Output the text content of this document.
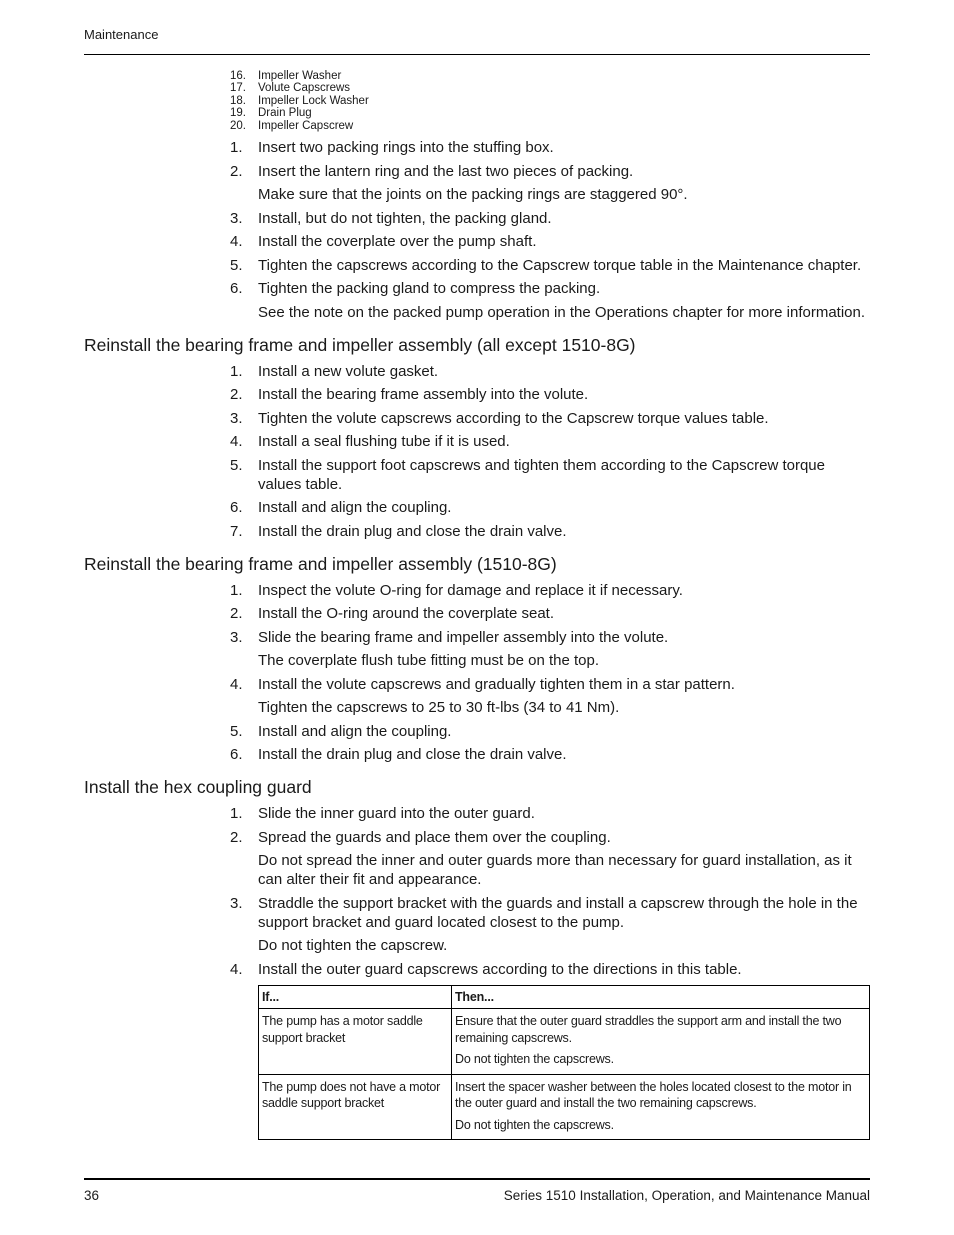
Maintenance
16.	Impeller Washer
17.	Volute Capscrews
18.	Impeller Lock Washer
19.	Drain Plug
20.	Impeller Capscrew
1.	Insert two packing rings into the stuffing box.
2.	Insert the lantern ring and the last two pieces of packing.
Make sure that the joints on the packing rings are staggered 90°.
3.	Install, but do not tighten, the packing gland.
4.	Install the coverplate over the pump shaft.
5.	Tighten the capscrews according to the Capscrew torque table in the Maintenance chapter.
6.	Tighten the packing gland to compress the packing.
See the note on the packed pump operation in the Operations chapter for more information.
Reinstall the bearing frame and impeller assembly (all except 1510-8G)
1.	Install a new volute gasket.
2.	Install the bearing frame assembly into the volute.
3.	Tighten the volute capscrews according to the Capscrew torque values table.
4.	Install a seal flushing tube if it is used.
5.	Install the support foot capscrews and tighten them according to the Capscrew torque values table.
6.	Install and align the coupling.
7.	Install the drain plug and close the drain valve.
Reinstall the bearing frame and impeller assembly (1510-8G)
1.	Inspect the volute O-ring for damage and replace it if necessary.
2.	Install the O-ring around the coverplate seat.
3.	Slide the bearing frame and impeller assembly into the volute.
The coverplate flush tube fitting must be on the top.
4.	Install the volute capscrews and gradually tighten them in a star pattern.
Tighten the capscrews to 25 to 30 ft-lbs (34 to 41 Nm).
5.	Install and align the coupling.
6.	Install the drain plug and close the drain valve.
Install the hex coupling guard
1.	Slide the inner guard into the outer guard.
2.	Spread the guards and place them over the coupling.
Do not spread the inner and outer guards more than necessary for guard installation, as it can alter their fit and appearance.
3.	Straddle the support bracket with the guards and install a capscrew through the hole in the support bracket and guard located closest to the pump.
Do not tighten the capscrew.
4.	Install the outer guard capscrews according to the directions in this table.
If...	Then...
The pump has a motor saddle support bracket	Ensure that the outer guard straddles the support arm and install the two remaining capscrews.
Do not tighten the capscrews.

The pump does not have a motor saddle support bracket	Insert the spacer washer between the holes located closest to the motor in the outer guard and install the two remaining capscrews.
Do not tighten the capscrews.
36	Series 1510 Installation, Operation, and Maintenance Manual
